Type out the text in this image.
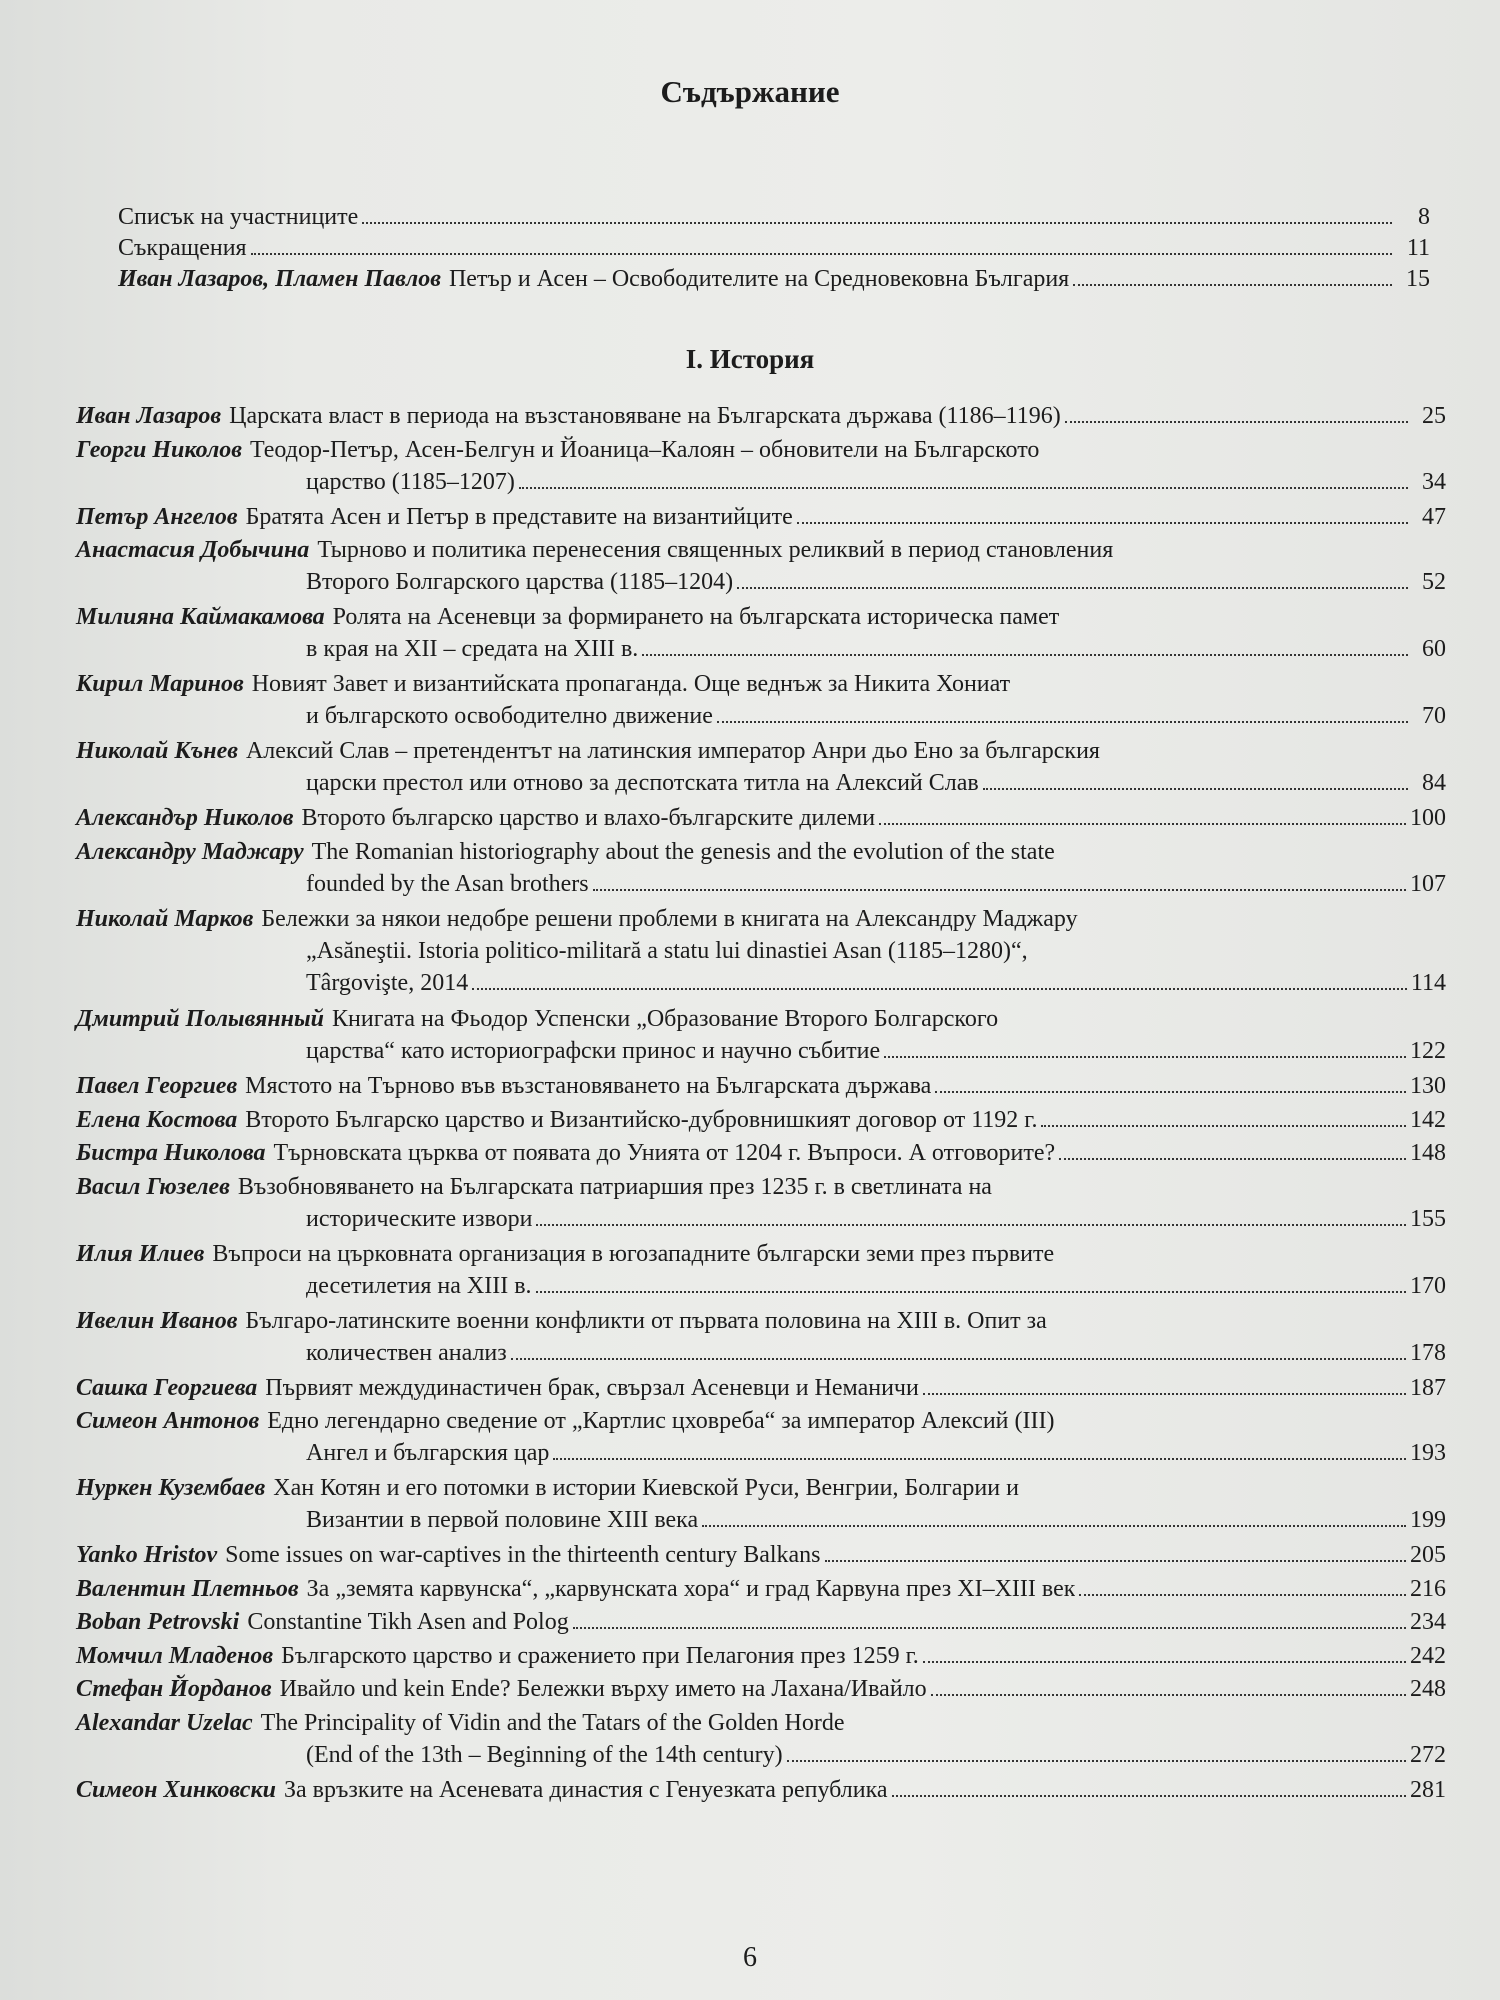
Съдържание
Списък на участниците	8
Съкращения	11
Иван Лазаров, Пламен Павлов Петър и Асен – Освободителите на Средновековна България	15
I. История
Иван Лазаров Царската власт в периода на възстановяване на Българската държава (1186–1196)	25
Георги Николов Теодор-Петър, Асен-Белгун и Йоаница–Калоян – обновители на Българското
царство (1185–1207)	34
Петър Ангелов Братята Асен и Петър в представите на византийците	47
Анастасия Добычина Тырново и политика перенесения священных реликвий в период становления
Второго Болгарского царства (1185–1204)	52
Милияна Каймакамова Ролята на Асеневци за формирането на българската историческа памет
в края на XII – средата на XIII в.	60
Кирил Маринов Новият Завет и византийската пропаганда. Още веднъж за Никита Хониат
и българското освободително движение	70
Николай Кънев Алексий Слав – претендентът на латинския император Анри дьо Ено за българския
царски престол или отново за деспотската титла на Алексий Слав	84
Александър Николов Второто българско царство и влахо-българските дилеми	100
Александру Маджару The Romanian historiography about the genesis and the evolution of the state
founded by the Asan brothers	107
Николай Марков Бележки за някои недобре решени проблеми в книгата на Александру Маджару
„Asăneştii. Istoria politico-militară a statu lui dinastiei Asan (1185–1280)“,
Târgovişte, 2014	114
Дмитрий Полывянный Книгата на Фьодор Успенски „Образование Второго Болгарского
царства“ като историографски принос и научно събитие	122
Павел Георгиев Мястото на Търново във възстановяването на Българската държава	130
Елена Костова Второто Българско царство и Византийско-дубровнишкият договор от 1192 г.	142
Бистра Николова Търновската църква от появата до Унията от 1204 г. Въпроси. А отговорите?	148
Васил Гюзелев Възобновяването на Българската патриаршия през 1235 г. в светлината на
историческите извори	155
Илия Илиев Въпроси на църковната организация в югозападните български земи през първите
десетилетия на XIII в.	170
Ивелин Иванов Българо-латинските военни конфликти от първата половина на XIII в. Опит за
количествен анализ	178
Сашка Георгиева Първият междудинастичен брак, свързал Асеневци и Неманичи	187
Симеон Антонов Едно легендарно сведение от „Картлис цховреба“ за император Алексий (III)
Ангел и българския цар	193
Нуркен Кузембаев Хан Котян и его потомки в истории Киевской Руси, Венгрии, Болгарии и
Византии в первой половине XIII века	199
Yanko Hristov Some issues on war-captives in the thirteenth century Balkans	205
Валентин Плетньов За „земята карвунска“, „карвунската хора“ и град Карвуна през XI–XIII век	216
Boban Petrovski Constantine Tikh Asen and Polog	234
Момчил Младенов Българското царство и сражението при Пелагония през 1259 г.	242
Стефан Йорданов Ивайло und kein Ende? Бележки върху името на Лахана/Ивайло	248
Alexandar Uzelac The Principality of Vidin and the Tatars of the Golden Horde
(End of the 13th – Beginning of the 14th century)	272
Симеон Хинковски За връзките на Асеневата династия с Генуезката република	281
6
